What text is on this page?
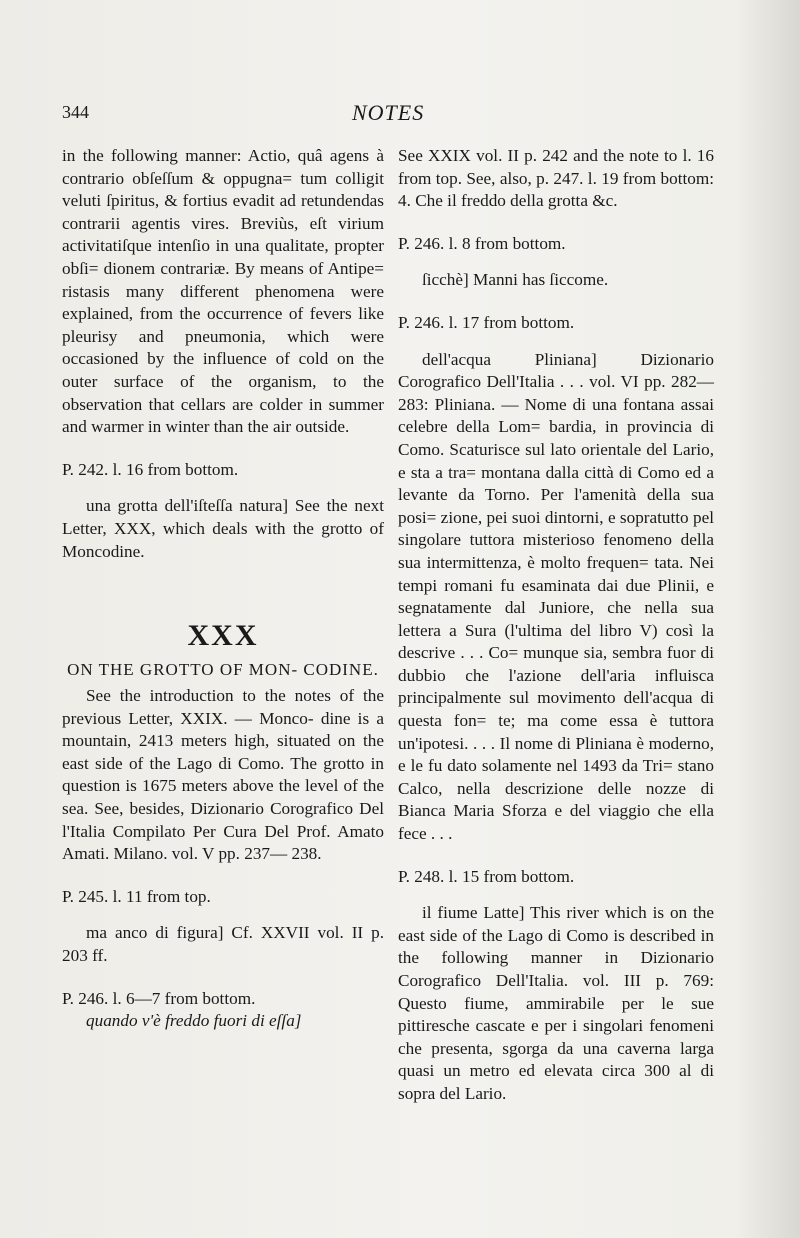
344	NOTES

in the following manner: Actio, quâ agens à contrario obſeſſum & oppugna= tum colligit veluti ſpiritus, & fortius evadit ad retundendas contrarii agentis vires. Breviùs, eſt virium activitatiſque intenſio in una qualitate, propter obſi= dionem contrariæ. By means of Antipe= ristasis many different phenomena were explained, from the occurrence of fevers like pleurisy and pneumonia, which were occasioned by the influence of cold on the outer surface of the organism, to the observation that cellars are colder in summer and warmer in winter than the air outside.

P. 242. l. 16 from bottom.

una grotta dell'iſteſſa natura] See the next Letter, XXX, which deals with the grotto of Moncodine.

XXX

ON THE GROTTO OF MON- CODINE.

See the introduction to the notes of the previous Letter, XXIX. — Monco- dine is a mountain, 2413 meters high, situated on the east side of the Lago di Como. The grotto in question is 1675 meters above the level of the sea. See, besides, Dizionario Corografico Del l'Italia Compilato Per Cura Del Prof. Amato Amati. Milano. vol. V pp. 237— 238.

P. 245. l. 11 from top.

ma anco di figura] Cf. XXVII vol. II p. 203 ff.

P. 246. l. 6—7 from bottom.

quando v'è freddo fuori di eſſa]

See XXIX vol. II p. 242 and the note to l. 16 from top. See, also, p. 247. l. 19 from bottom: 4. Che il freddo della grotta &c.

P. 246. l. 8 from bottom.

ſicchè] Manni has ſiccome.

P. 246. l. 17 from bottom.

dell'acqua Pliniana] Dizionario Corografico Dell'Italia . . . vol. VI pp. 282—283: Pliniana. — Nome di una fontana assai celebre della Lom= bardia, in provincia di Como. Scaturisce sul lato orientale del Lario, e sta a tra= montana dalla città di Como ed a levante da Torno. Per l'amenità della sua posi= zione, pei suoi dintorni, e sopratutto pel singolare tuttora misterioso fenomeno della sua intermittenza, è molto frequen= tata. Nei tempi romani fu esaminata dai due Plinii, e segnatamente dal Juniore, che nella sua lettera a Sura (l'ultima del libro V) così la descrive . . . Co= munque sia, sembra fuor di dubbio che l'azione dell'aria influisca principalmente sul movimento dell'acqua di questa fon= te; ma come essa è tuttora un'ipotesi. . . . Il nome di Pliniana è moderno, e le fu dato solamente nel 1493 da Tri= stano Calco, nella descrizione delle nozze di Bianca Maria Sforza e del viaggio che ella fece . . .

P. 248. l. 15 from bottom.

il fiume Latte] This river which is on the east side of the Lago di Como is described in the following manner in Dizionario Corografico Dell'Italia. vol. III p. 769: Questo fiume, ammirabile per le sue pittiresche cascate e per i singolari fenomeni che presenta, sgorga da una caverna larga quasi un metro ed elevata circa 300 al di sopra del Lario.
